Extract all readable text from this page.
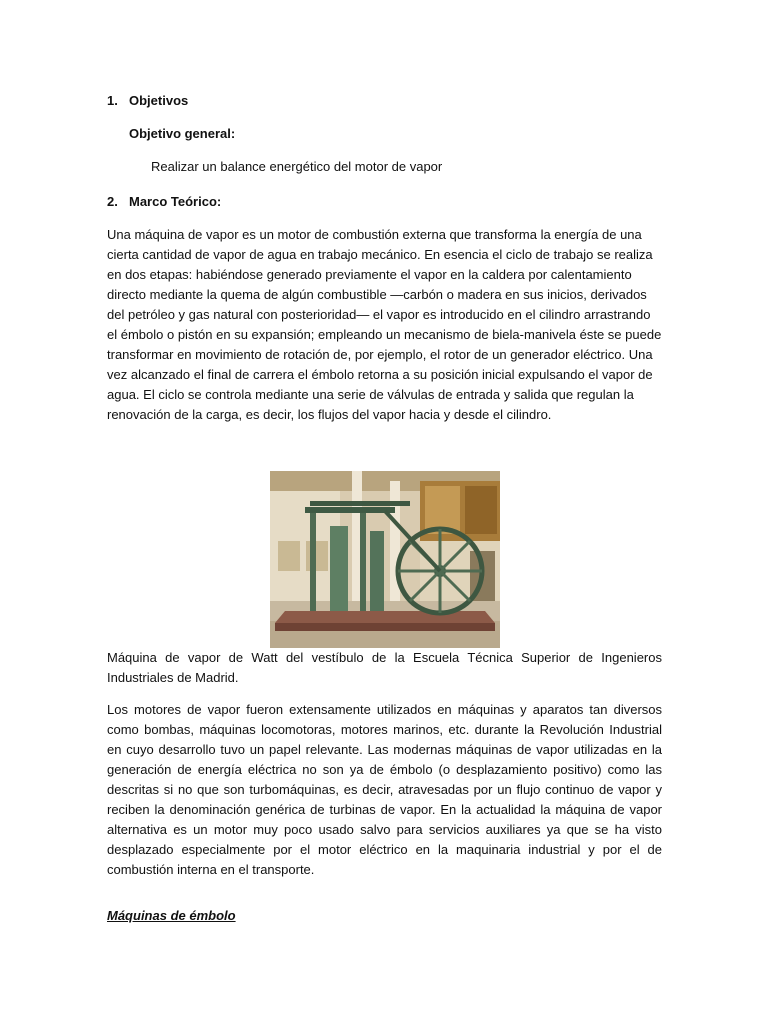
1. Objetivos
Objetivo general:
Realizar un balance energético del motor de vapor
2. Marco Teórico:

Una máquina de vapor es un motor de combustión externa que transforma la energía de una cierta cantidad de vapor de agua en trabajo mecánico. En esencia el ciclo de trabajo se realiza en dos etapas: habiéndose generado previamente el vapor en la caldera por calentamiento directo mediante la quema de algún combustible —carbón o madera en sus inicios, derivados del petróleo y gas natural con posterioridad— el vapor es introducido en el cilindro arrastrando el émbolo o pistón en su expansión; empleando un mecanismo de biela-manivela éste se puede transformar en movimiento de rotación de, por ejemplo, el rotor de un generador eléctrico. Una vez alcanzado el final de carrera el émbolo retorna a su posición inicial expulsando el vapor de agua. El ciclo se controla mediante una serie de válvulas de entrada y salida que regulan la renovación de la carga, es decir, los flujos del vapor hacia y desde el cilindro.

Máquina de vapor de Watt del vestíbulo de la Escuela Técnica Superior de Ingenieros Industriales de Madrid.

Los motores de vapor fueron extensamente utilizados en máquinas y aparatos tan diversos como bombas, máquinas locomotoras, motores marinos, etc. durante la Revolución Industrial en cuyo desarrollo tuvo un papel relevante. Las modernas máquinas de vapor utilizadas en la generación de energía eléctrica no son ya de émbolo (o desplazamiento positivo) como las descritas si no que son turbomáquinas, es decir, atravesadas por un flujo continuo de vapor y reciben la denominación genérica de turbinas de vapor. En la actualidad la máquina de vapor alternativa es un motor muy poco usado salvo para servicios auxiliares ya que se ha visto desplazado especialmente por el motor eléctrico en la maquinaria industrial y por el de combustión interna en el transporte.

Máquinas de émbolo
